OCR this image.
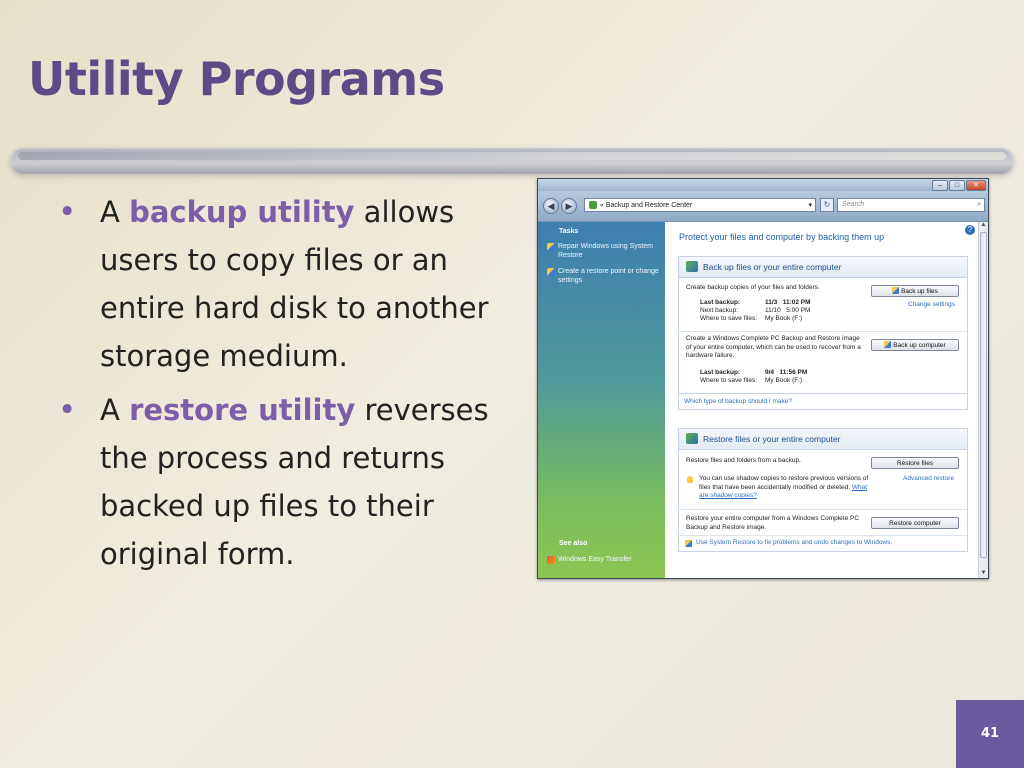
Utility Programs
• A backup utility allows users to copy files or an entire hard disk to another storage medium.
• A restore utility reverses the process and returns backed up files to their original form.
–	□	✕
◀	▶	« Backup and Restore Center	▾	↻	Search	⌕
Tasks
Repair Windows using System Restore
Create a restore point or change settings
See also
Windows Easy Transfer
?
Protect your files and computer by backing them up
Back up files or your entire computer
Create backup copies of your files and folders.
Back up files
Last backup:	11/3   11:02 PM
Next backup:	11/10   5:00 PM
Where to save files: My Book (F:)
Change settings
Create a Windows Complete PC Backup and Restore image of your entire computer, which can be used to recover from a hardware failure.
Back up computer
Last backup:	9/4   11:56 PM
Where to save files: My Book (F:)
Which type of backup should I make?
Restore files or your entire computer
Restore files and folders from a backup.	Restore files
You can use shadow copies to restore previous versions of files that have been accidentally modified or deleted. What are shadow copies?
Advanced restore
Restore your entire computer from a Windows Complete PC Backup and Restore image.	Restore computer
Use System Restore to fix problems and undo changes to Windows.
▲
▼
41
